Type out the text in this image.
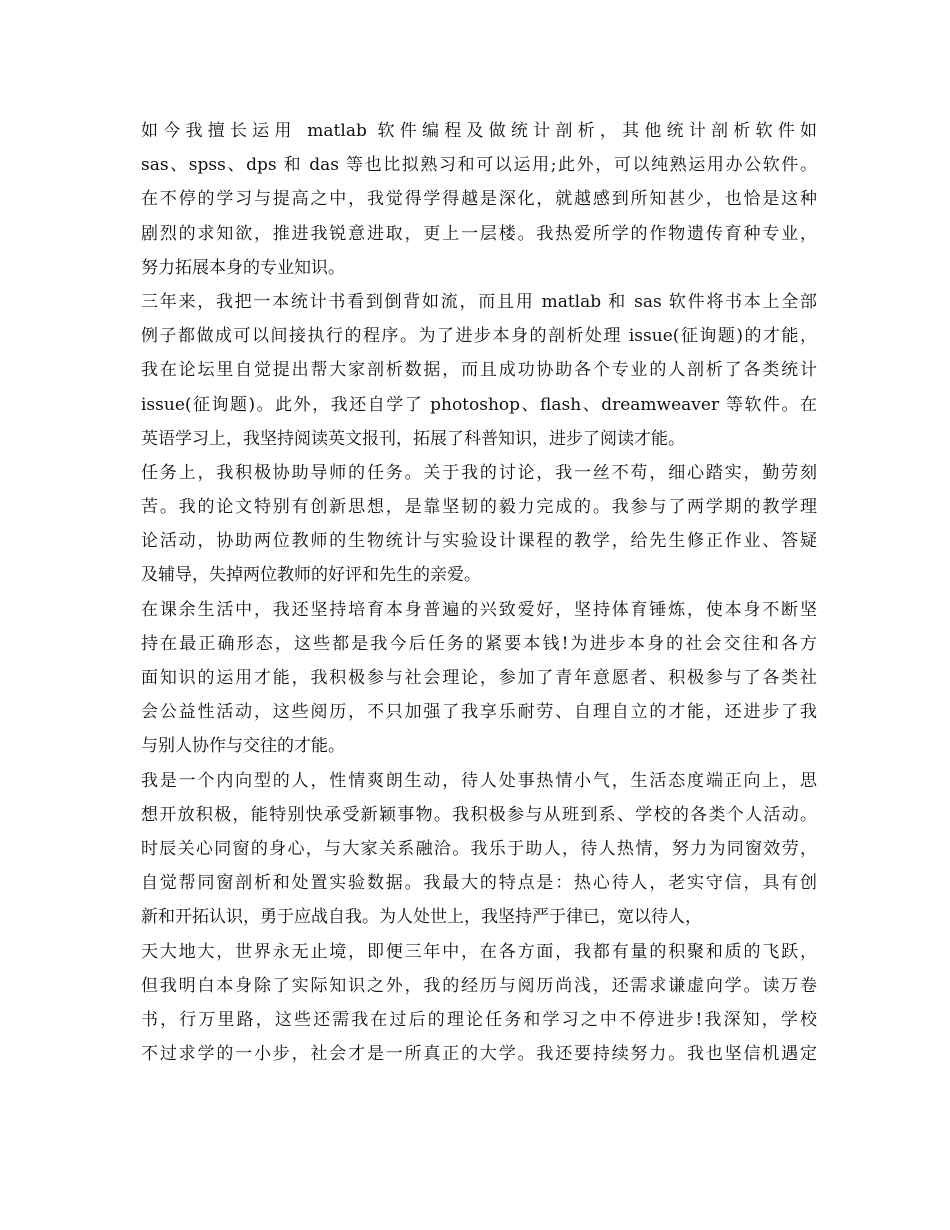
如今我擅长运用 matlab 软件编程及做统计剖析，其他统计剖析软件如
sas、spss、dps 和 das 等也比拟熟习和可以运用;此外，可以纯熟运用办公软件。
在不停的学习与提高之中，我觉得学得越是深化，就越感到所知甚少，也恰是这种
剧烈的求知欲，推进我锐意进取，更上一层楼。我热爱所学的作物遗传育种专业，
努力拓展本身的专业知识。
三年来，我把一本统计书看到倒背如流，而且用 matlab 和 sas 软件将书本上全部
例子都做成可以间接执行的程序。为了进步本身的剖析处理 issue(征询题)的才能，
我在论坛里自觉提出帮大家剖析数据，而且成功协助各个专业的人剖析了各类统计
issue(征询题)。此外，我还自学了 photoshop、flash、dreamweaver 等软件。在
英语学习上，我坚持阅读英文报刊，拓展了科普知识，进步了阅读才能。
任务上，我积极协助导师的任务。关于我的讨论，我一丝不苟，细心踏实，勤劳刻
苦。我的论文特别有创新思想，是靠坚韧的毅力完成的。我参与了两学期的教学理
论活动，协助两位教师的生物统计与实验设计课程的教学，给先生修正作业、答疑
及辅导，失掉两位教师的好评和先生的亲爱。
在课余生活中，我还坚持培育本身普遍的兴致爱好，坚持体育锤炼，使本身不断坚
持在最正确形态，这些都是我今后任务的紧要本钱!为进步本身的社会交往和各方
面知识的运用才能，我积极参与社会理论，参加了青年意愿者、积极参与了各类社
会公益性活动，这些阅历，不只加强了我享乐耐劳、自理自立的才能，还进步了我
与别人协作与交往的才能。
我是一个内向型的人，性情爽朗生动，待人处事热情小气，生活态度端正向上，思
想开放积极，能特别快承受新颖事物。我积极参与从班到系、学校的各类个人活动。
时辰关心同窗的身心，与大家关系融洽。我乐于助人，待人热情，努力为同窗效劳，
自觉帮同窗剖析和处置实验数据。我最大的特点是：热心待人，老实守信，具有创
新和开拓认识，勇于应战自我。为人处世上，我坚持严于律已，宽以待人，
天大地大，世界永无止境，即便三年中，在各方面，我都有量的积聚和质的飞跃，
但我明白本身除了实际知识之外，我的经历与阅历尚浅，还需求谦虚向学。读万卷
书，行万里路，这些还需我在过后的理论任务和学习之中不停进步!我深知，学校
不过求学的一小步，社会才是一所真正的大学。我还要持续努力。我也坚信机遇定
